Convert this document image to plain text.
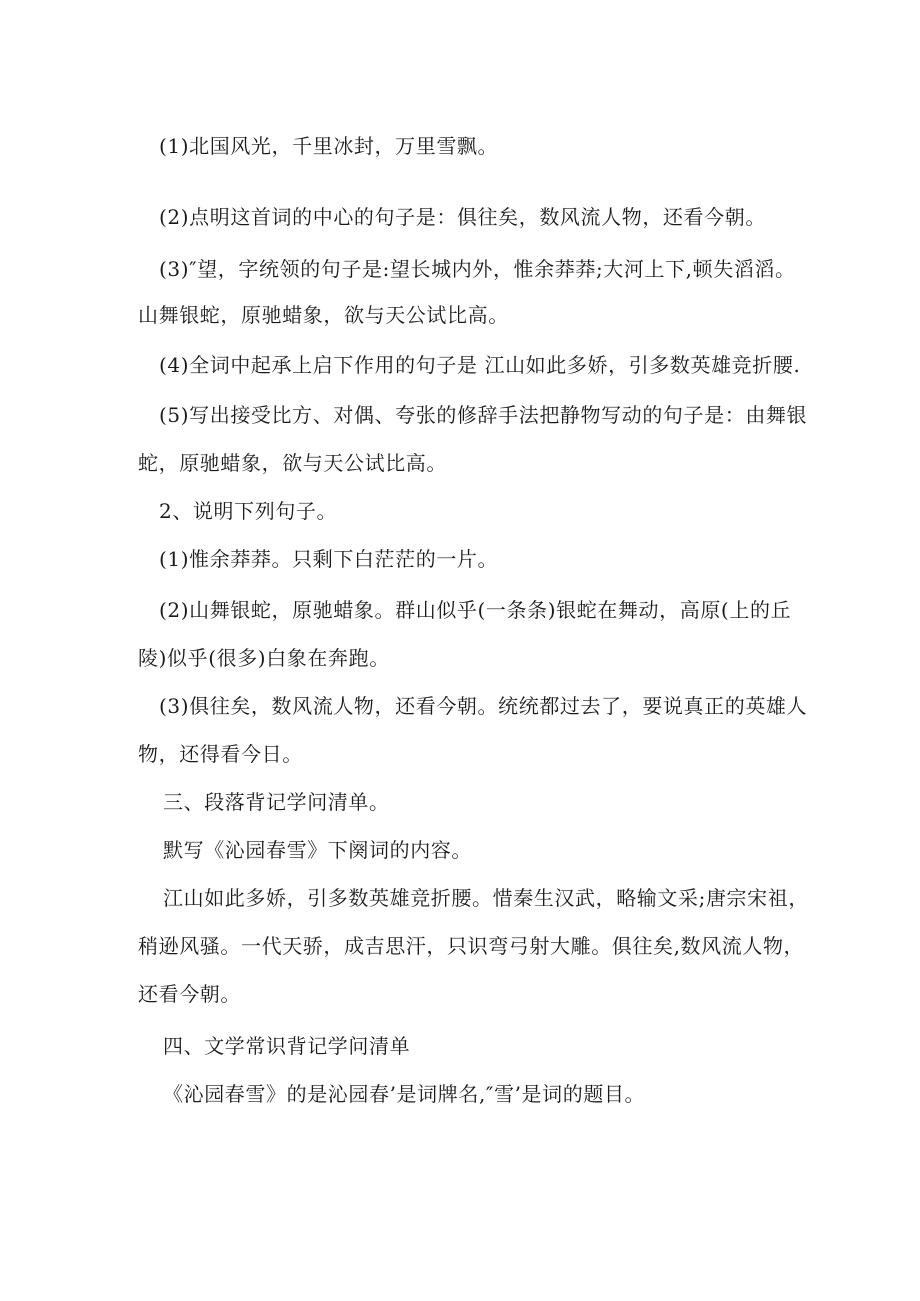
(1)北国风光，千里冰封，万里雪飘。
(2)点明这首词的中心的句子是：俱往矣，数风流人物，还看今朝。
(3)″望，字统领的句子是:望长城内外，惟余莽莽;大河上下,顿失滔滔。
山舞银蛇，原驰蜡象，欲与天公试比高。
(4)全词中起承上启下作用的句子是 江山如此多娇，引多数英雄竞折腰.
(5)写出接受比方、对偶、夸张的修辞手法把静物写动的句子是：由舞银
蛇，原驰蜡象，欲与天公试比高。
2、说明下列句子。
(1)惟余莽莽。只剩下白茫茫的一片。
(2)山舞银蛇，原驰蜡象。群山似乎(一条条)银蛇在舞动，高原(上的丘
陵)似乎(很多)白象在奔跑。
(3)俱往矣，数风流人物，还看今朝。统统都过去了，要说真正的英雄人
物，还得看今日。
三、段落背记学问清单。
默写《沁园春雪》下阕词的内容。
江山如此多娇，引多数英雄竞折腰。惜秦生汉武，略输文采;唐宗宋祖，
稍逊风骚。一代天骄，成吉思汗，只识弯弓射大雕。俱往矣,数风流人物，
还看今朝。
四、文学常识背记学问清单
《沁园春雪》的是沁园春’是词牌名,″雪’是词的题目。
